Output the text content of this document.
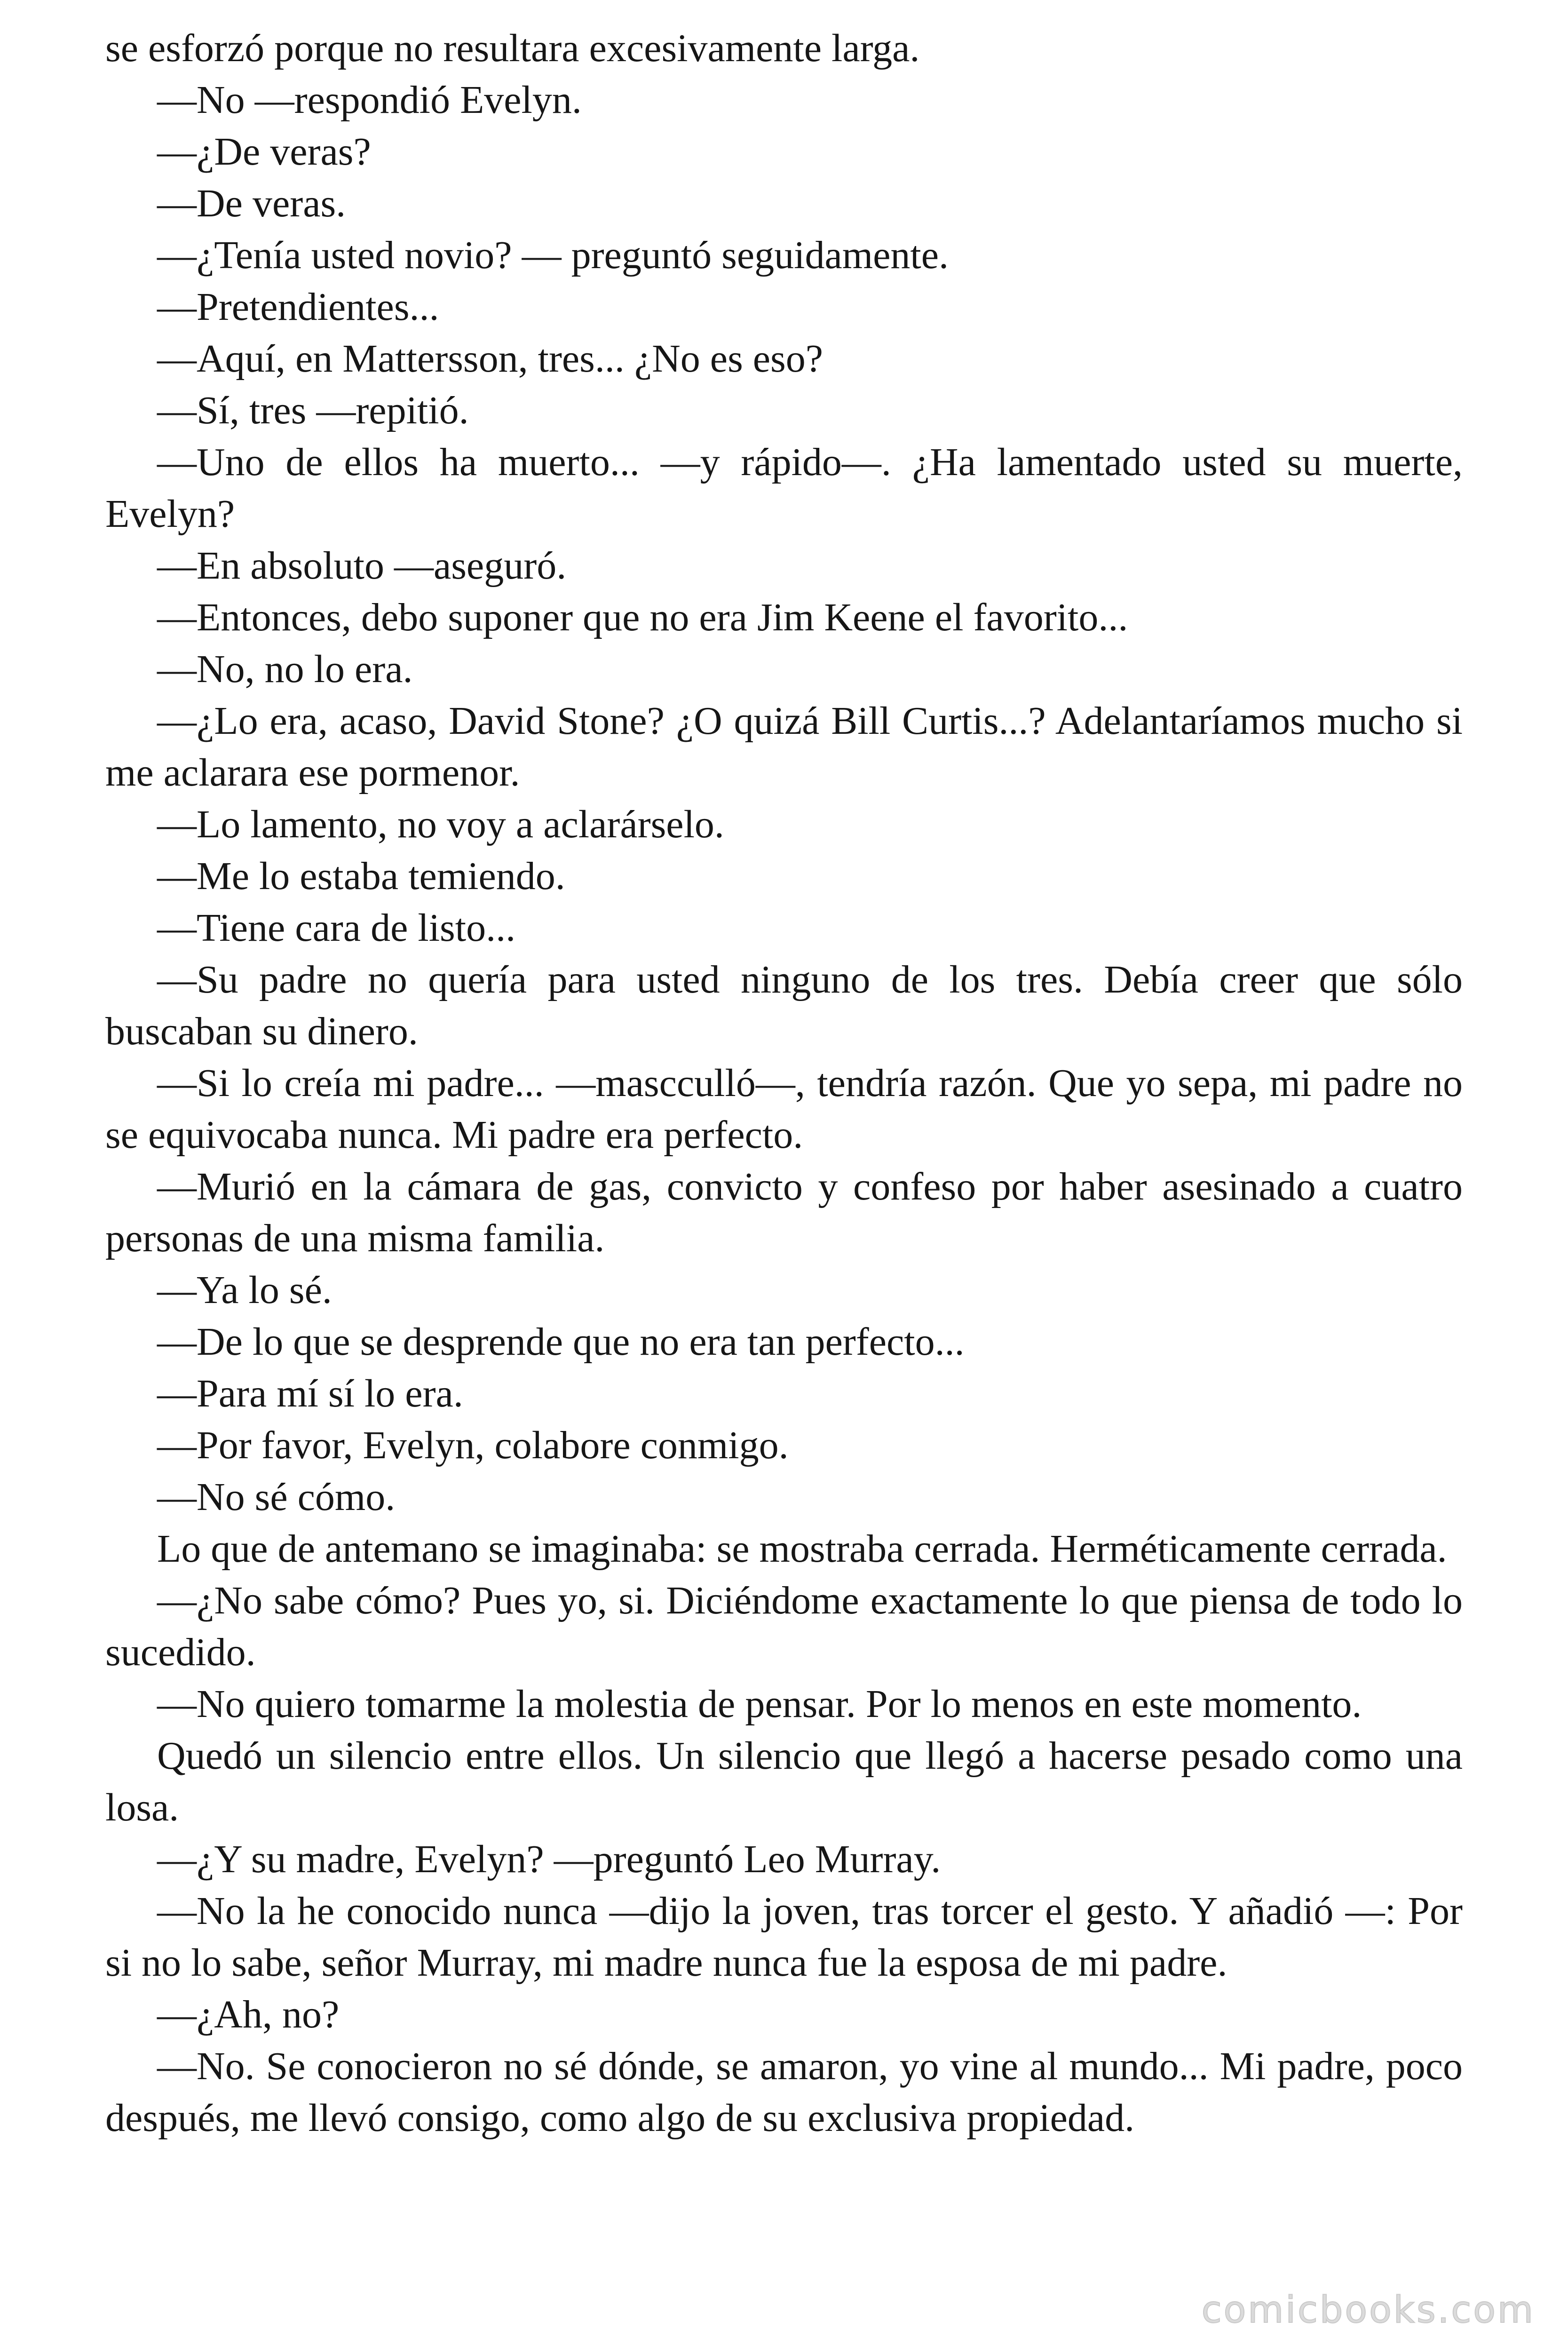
se esforzó porque no resultara excesivamente larga.

—No —respondió Evelyn.

—¿De veras?

—De veras.

—¿Tenía usted novio? — preguntó seguidamente.

—Pretendientes...

—Aquí, en Mattersson, tres... ¿No es eso?

—Sí, tres —repitió.

—Uno de ellos ha muerto... —y rápido—. ¿Ha lamentado usted su muerte, Evelyn?

—En absoluto —aseguró.

—Entonces, debo suponer que no era Jim Keene el favorito...

—No, no lo era.

—¿Lo era, acaso, David Stone? ¿O quizá Bill Curtis...? Adelantaríamos mucho si me aclarara ese pormenor.

—Lo lamento, no voy a aclarárselo.

—Me lo estaba temiendo.

—Tiene cara de listo...

—Su padre no quería para usted ninguno de los tres. Debía creer que sólo buscaban su dinero.

—Si lo creía mi padre... —mascculló—, tendría razón. Que yo sepa, mi padre no se equivocaba nunca. Mi padre era perfecto.

—Murió en la cámara de gas, convicto y confeso por haber asesinado a cuatro personas de una misma familia.

—Ya lo sé.

—De lo que se desprende que no era tan perfecto...

—Para mí sí lo era.

—Por favor, Evelyn, colabore conmigo.

—No sé cómo.

Lo que de antemano se imaginaba: se mostraba cerrada. Herméticamente cerrada.

—¿No sabe cómo? Pues yo, si. Diciéndome exactamente lo que piensa de todo lo sucedido.

—No quiero tomarme la molestia de pensar. Por lo menos en este momento.

Quedó un silencio entre ellos. Un silencio que llegó a hacerse pesado como una losa.

—¿Y su madre, Evelyn? —preguntó Leo Murray.

—No la he conocido nunca —dijo la joven, tras torcer el gesto. Y añadió —: Por si no lo sabe, señor Murray, mi madre nunca fue la esposa de mi padre.

—¿Ah, no?

—No. Se conocieron no sé dónde, se amaron, yo vine al mundo... Mi padre, poco después, me llevó consigo, como algo de su exclusiva propiedad.

comicbooks.com
